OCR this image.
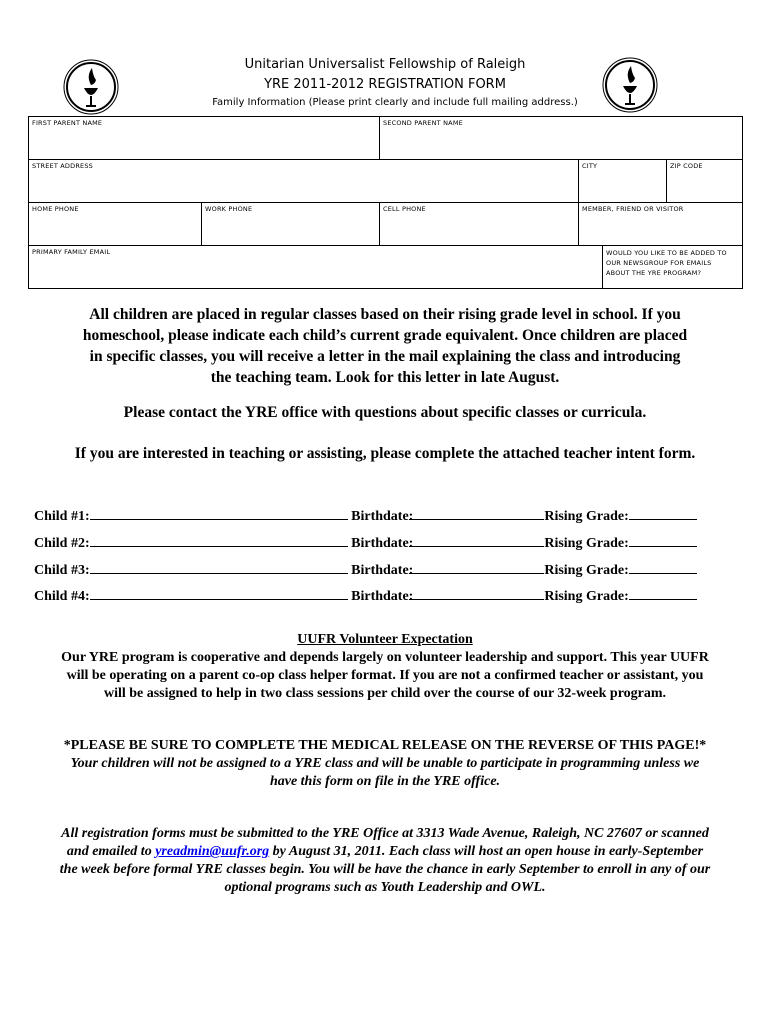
Unitarian Universalist Fellowship of Raleigh
YRE 2011-2012 REGISTRATION FORM
Family Information (Please print clearly and include full mailing address.)
FIRST PARENT NAME		SECOND PARENT NAME			
STREET ADDRESS			CITY		ZIP CODE
HOME PHONE	WORK PHONE	CELL PHONE	MEMBER, FRIEND OR VISITOR		
PRIMARY FAMILY EMAIL				WOULD YOU LIKE TO BE ADDED TO
OUR NEWSGROUP FOR EMAILS
ABOUT THE YRE PROGRAM?	
All children are placed in regular classes based on their rising grade level in school. If you
homeschool, please indicate each child’s current grade equivalent. Once children are placed
in specific classes, you will receive a letter in the mail explaining the class and introducing
the teaching team. Look for this letter in late August.
Please contact the YRE office with questions about specific classes or curricula.
If you are interested in teaching or assisting, please complete the attached teacher intent form.
Child #1:	Birthdate:	Rising Grade:
Child #2:	Birthdate:	Rising Grade:
Child #3:	Birthdate:	Rising Grade:
Child #4:	Birthdate:	Rising Grade:
UUFR Volunteer Expectation
Our YRE program is cooperative and depends largely on volunteer leadership and support. This year UUFR
will be operating on a parent co-op class helper format. If you are not a confirmed teacher or assistant, you
will be assigned to help in two class sessions per child over the course of our 32-week program.
*PLEASE BE SURE TO COMPLETE THE MEDICAL RELEASE ON THE REVERSE OF THIS PAGE!*
Your children will not be assigned to a YRE class and will be unable to participate in programming unless we
have this form on file in the YRE office.
All registration forms must be submitted to the YRE Office at 3313 Wade Avenue, Raleigh, NC 27607 or scanned
and emailed to yreadmin@uufr.org by August 31, 2011. Each class will host an open house in early-September
the week before formal YRE classes begin. You will be have the chance in early September to enroll in any of our
optional programs such as Youth Leadership and OWL.
